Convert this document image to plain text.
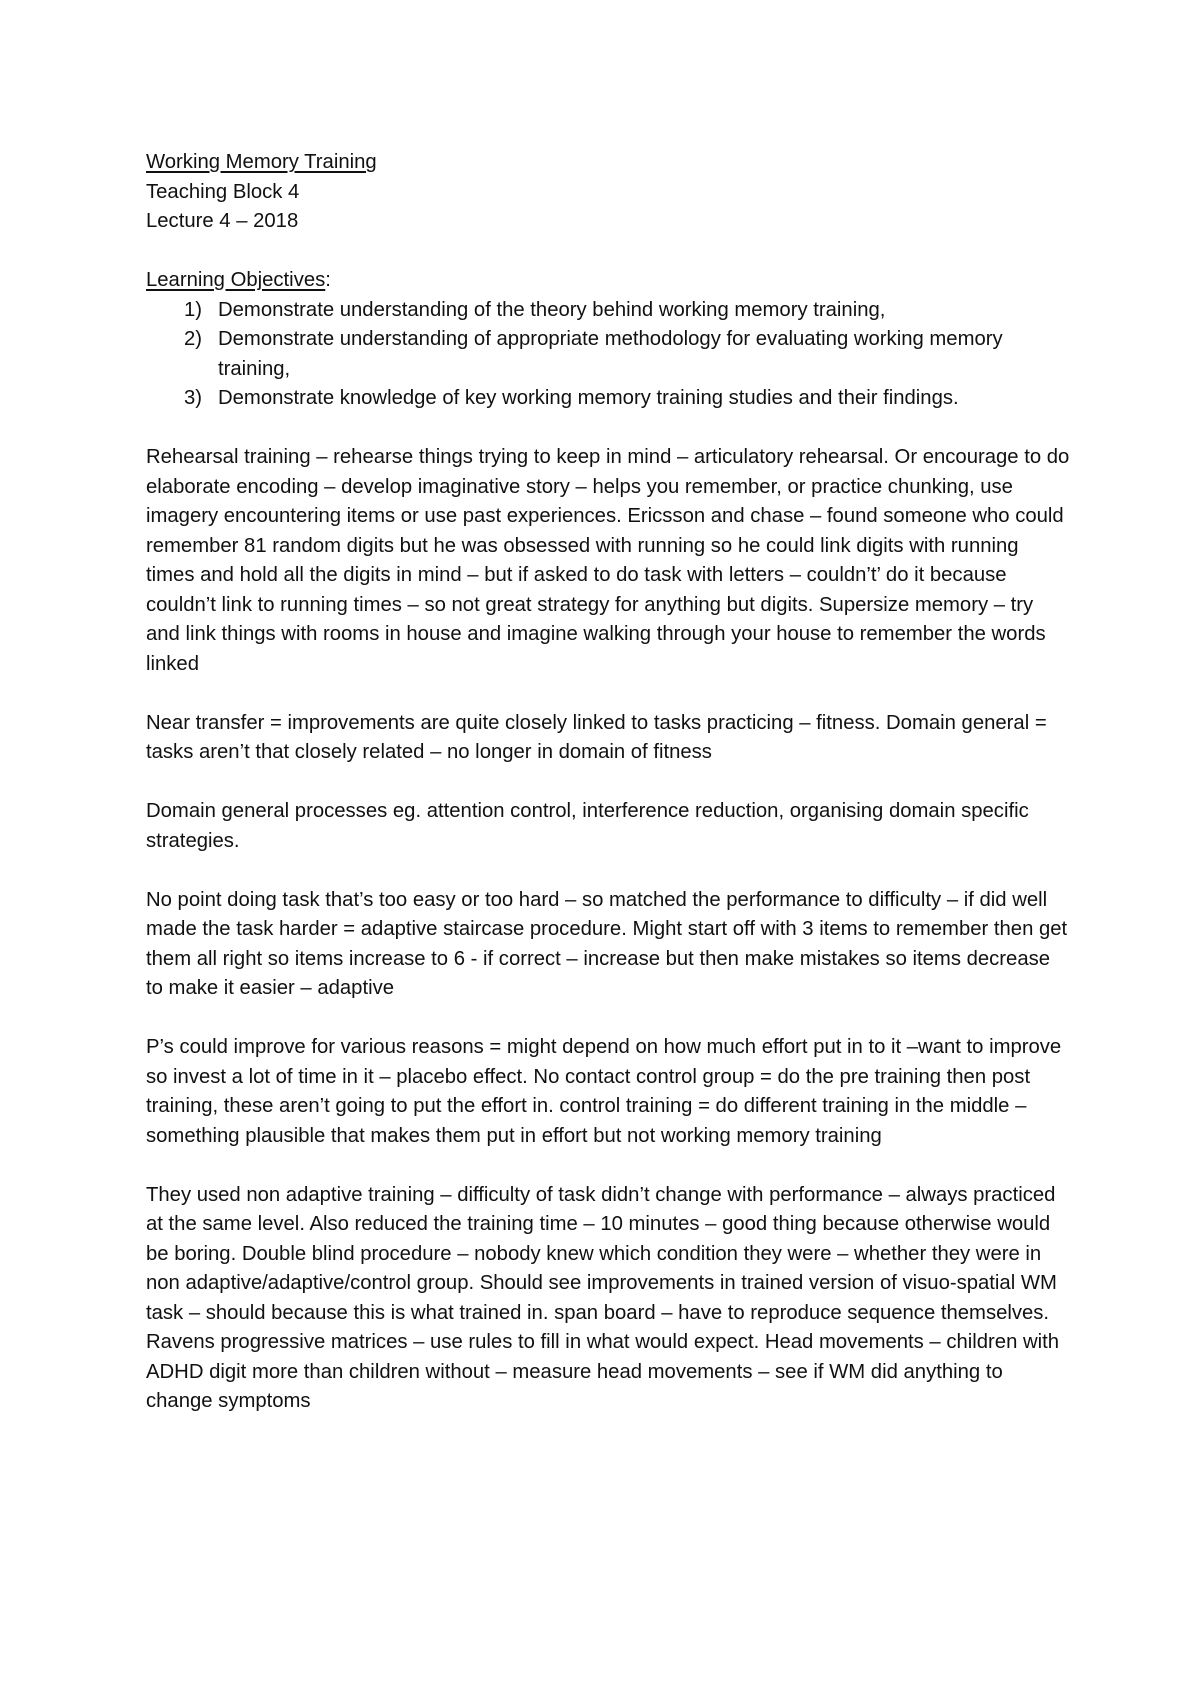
Working Memory Training

Teaching Block 4

Lecture 4 – 2018

Learning Objectives:

1) Demonstrate understanding of the theory behind working memory training,
2) Demonstrate understanding of appropriate methodology for evaluating working memory training,
3) Demonstrate knowledge of key working memory training studies and their findings.

Rehearsal training – rehearse things trying to keep in mind – articulatory rehearsal. Or encourage to do elaborate encoding – develop imaginative story – helps you remember, or practice chunking, use imagery encountering items or use past experiences. Ericsson and chase – found someone who could remember 81 random digits but he was obsessed with running so he could link digits with running times and hold all the digits in mind – but if asked to do task with letters – couldn’t’ do it because couldn’t link to running times – so not great strategy for anything but digits. Supersize memory – try and link things with rooms in house and imagine walking through your house to remember the words linked

Near transfer = improvements are quite closely linked to tasks practicing – fitness. Domain general = tasks aren’t that closely related – no longer in domain of fitness

Domain general processes eg. attention control, interference reduction, organising domain specific strategies.

No point doing task that’s too easy or too hard – so matched the performance to difficulty – if did well made the task harder = adaptive staircase procedure. Might start off with 3 items to remember then get them all right so items increase to 6 - if correct – increase but then make mistakes so items decrease to make it easier – adaptive

P’s could improve for various reasons = might depend on how much effort put in to it –want to improve so invest a lot of time in it – placebo effect. No contact control group = do the pre training then post training, these aren’t going to put the effort in. control training = do different training in the middle – something plausible that makes them put in effort but not working memory training

They used non adaptive training – difficulty of task didn’t change with performance – always practiced at the same level. Also reduced the training time – 10 minutes – good thing because otherwise would be boring. Double blind procedure – nobody knew which condition they were – whether they were in non adaptive/adaptive/control group. Should see improvements in trained version of visuo-spatial WM task – should because this is what trained in. span board – have to reproduce sequence themselves. Ravens progressive matrices – use rules to fill in what would expect. Head movements – children with ADHD digit more than children without – measure head movements – see if WM did anything to change symptoms
